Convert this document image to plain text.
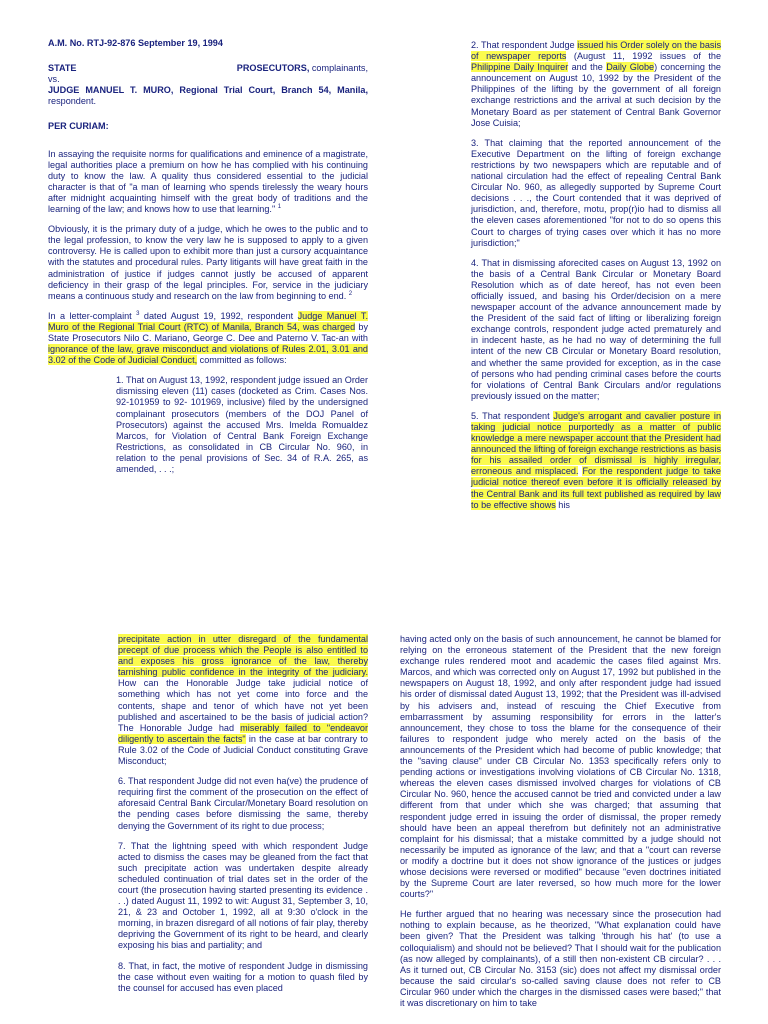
A.M. No. RTJ-92-876 September 19, 1994

STATE	PROSECUTORS, complainants,
vs.
JUDGE MANUEL T. MURO, Regional Trial Court, Branch 54, Manila, respondent.

PER CURIAM:

In assaying the requisite norms for qualifications and eminence of a magistrate, legal authorities place a premium on how he has complied with his continuing duty to know the law. A quality thus considered essential to the judicial character is that of "a man of learning who spends tirelessly the weary hours after midnight acquainting himself with the great body of traditions and the learning of the law; and knows how to use that learning." $^1$

Obviously, it is the primary duty of a judge, which he owes to the public and to the legal profession, to know the very law he is supposed to apply to a given controversy. He is called upon to exhibit more than just a cursory acquaintance with the statutes and procedural rules. Party litigants will have great faith in the administration of justice if judges cannot justly be accused of apparent deficiency in their grasp of the legal principles. For, service in the judiciary means a continuous study and research on the law from beginning to end. $^2$

In a letter-complaint $^3$ dated August 19, 1992, respondent Judge Manuel T. Muro of the Regional Trial Court (RTC) of Manila, Branch 54, was charged by State Prosecutors Nilo C. Mariano, George C. Dee and Paterno V. Tac-an with ignorance of the law, grave misconduct and violations of Rules 2.01, 3.01 and 3.02 of the Code of Judicial Conduct, committed as follows:

1. That on August 13, 1992, respondent judge issued an Order dismissing eleven (11) cases (docketed as Crim. Cases Nos. 92-101959 to 92- 101969, inclusive) filed by the undersigned complainant prosecutors (members of the DOJ Panel of Prosecutors) against the accused Mrs. Imelda Romualdez Marcos, for Violation of Central Bank Foreign Exchange Restrictions, as consolidated in CB Circular No. 960, in relation to the penal provisions of Sec. 34 of R.A. 265, as amended, . . .;

2. That respondent Judge issued his Order solely on the basis of newspaper reports (August 11, 1992 issues of the Philippine Daily Inquirer and the Daily Globe) concerning the announcement on August 10, 1992 by the President of the Philippines of the lifting by the government of all foreign exchange restrictions and the arrival at such decision by the Monetary Board as per statement of Central Bank Governor Jose Cuisia;

3. That claiming that the reported announcement of the Executive Department on the lifting of foreign exchange restrictions by two newspapers which are reputable and of national circulation had the effect of repealing Central Bank Circular No. 960, as allegedly supported by Supreme Court decisions . . ., the Court contended that it was deprived of jurisdiction, and, therefore, motu, prop(r)io had to dismiss all the eleven cases aforementioned "for not to do so opens this Court to charges of trying cases over which it has no more jurisdiction;"

4. That in dismissing aforecited cases on August 13, 1992 on the basis of a Central Bank Circular or Monetary Board Resolution which as of date hereof, has not even been officially issued, and basing his Order/decision on a mere newspaper account of the advance announcement made by the President of the said fact of lifting or liberalizing foreign exchange controls, respondent judge acted prematurely and in indecent haste, as he had no way of determining the full intent of the new CB Circular or Monetary Board resolution, and whether the same provided for exception, as in the case of persons who had pending criminal cases before the courts for violations of Central Bank Circulars and/or regulations previously issued on the matter;

5. That respondent Judge's arrogant and cavalier posture in taking judicial notice purportedly as a matter of public knowledge a mere newspaper account that the President had announced the lifting of foreign exchange restrictions as basis for his assailed order of dismissal is highly irregular, erroneous and misplaced. For the respondent judge to take judicial notice thereof even before it is officially released by the Central Bank and its full text published as required by law to be effective shows his

precipitate action in utter disregard of the fundamental precept of due process which the People is also entitled to and exposes his gross ignorance of the law, thereby tarnishing public confidence in the integrity of the judiciary. How can the Honorable Judge take judicial notice of something which has not yet come into force and the contents, shape and tenor of which have not yet been published and ascertained to be the basis of judicial action? The Honorable Judge had miserably failed to "endeavor diligently to ascertain the facts" in the case at bar contrary to Rule 3.02 of the Code of Judicial Conduct constituting Grave Misconduct;

6. That respondent Judge did not even ha(ve) the prudence of requiring first the comment of the prosecution on the effect of aforesaid Central Bank Circular/Monetary Board resolution on the pending cases before dismissing the same, thereby denying the Government of its right to due process;

7. That the lightning speed with which respondent Judge acted to dismiss the cases may be gleaned from the fact that such precipitate action was undertaken despite already scheduled continuation of trial dates set in the order of the court (the prosecution having started presenting its evidence . . .) dated August 11, 1992 to wit: August 31, September 3, 10, 21, & 23 and October 1, 1992, all at 9:30 o'clock in the morning, in brazen disregard of all notions of fair play, thereby depriving the Government of its right to be heard, and clearly exposing his bias and partiality; and

8. That, in fact, the motive of respondent Judge in dismissing the case without even waiting for a motion to quash filed by the counsel for accused has even placed

having acted only on the basis of such announcement, he cannot be blamed for relying on the erroneous statement of the President that the new foreign exchange rules rendered moot and academic the cases filed against Mrs. Marcos, and which was corrected only on August 17, 1992 but published in the newspapers on August 18, 1992, and only after respondent judge had issued his order of dismissal dated August 13, 1992; that the President was ill-advised by his advisers and, instead of rescuing the Chief Executive from embarrassment by assuming responsibility for errors in the latter's announcement, they chose to toss the blame for the consequence of their failures to respondent judge who merely acted on the basis of the announcements of the President which had become of public knowledge; that the "saving clause" under CB Circular No. 1353 specifically refers only to pending actions or investigations involving violations of CB Circular No. 1318, whereas the eleven cases dismissed involved charges for violations of CB Circular No. 960, hence the accused cannot be tried and convicted under a law different from that under which she was charged; that assuming that respondent judge erred in issuing the order of dismissal, the proper remedy should have been an appeal therefrom but definitely not an administrative complaint for his dismissal; that a mistake committed by a judge should not necessarily be imputed as ignorance of the law; and that a "court can reverse or modify a doctrine but it does not show ignorance of the justices or judges whose decisions were reversed or modified" because "even doctrines initiated by the Supreme Court are later reversed, so how much more for the lower courts?"

He further argued that no hearing was necessary since the prosecution had nothing to explain because, as he theorized, "What explanation could have been given? That the President was talking 'through his hat' (to use a colloquialism) and should not be believed? That I should wait for the publication (as now alleged by complainants), of a still then non-existent CB circular? . . . As it turned out, CB Circular No. 3153 (sic) does not affect my dismissal order because the said circular's so-called saving clause does not refer to CB Circular 960 under which the charges in the dismissed cases were based;" that it was discretionary on him to take
